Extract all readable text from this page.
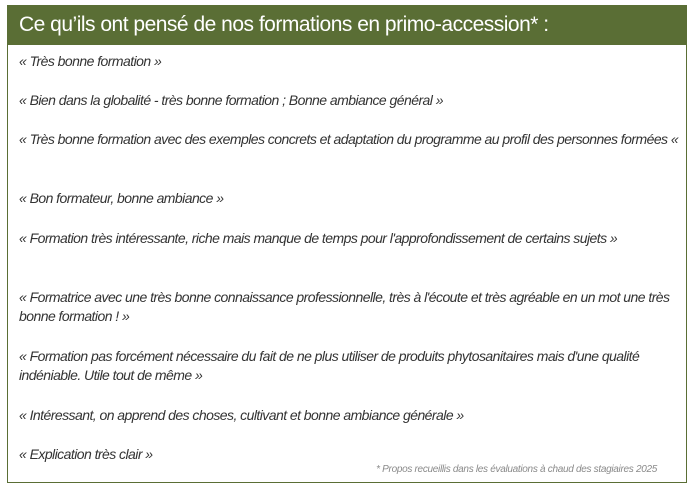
Ce qu’ils ont pensé de nos formations en primo-accession* :

« Très bonne formation »

« Bien dans la globalité - très bonne formation ; Bonne ambiance général »

« Très bonne formation avec des exemples concrets et adaptation du programme au profil des personnes formées «

« Bon formateur, bonne ambiance »

« Formation très intéressante, riche mais manque de temps pour l'approfondissement de certains sujets »

« Formatrice avec une très bonne connaissance professionnelle, très à l'écoute et très agréable en un mot une très bonne formation ! »

« Formation pas forcément nécessaire du fait de ne plus utiliser de produits phytosanitaires mais d'une qualité indéniable. Utile tout de même »

« Intéressant, on apprend des choses, cultivant et bonne ambiance générale »

« Explication très clair »

* Propos recueillis dans les évaluations à chaud des stagiaires 2025
